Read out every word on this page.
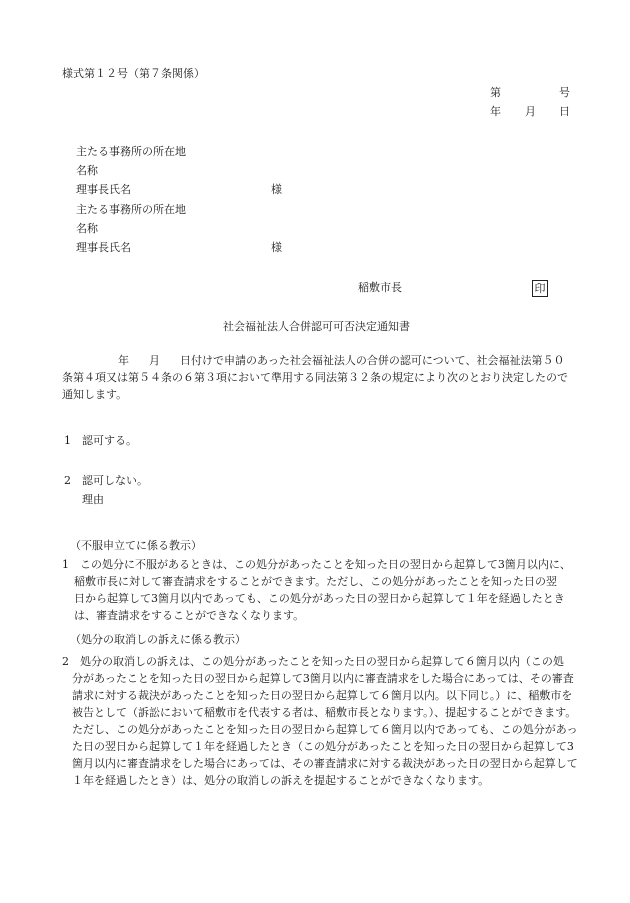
様式第１２号（第７条関係）
第	号
年 月 日
主たる事務所の所在地
名称
理事長氏名	様
主たる事務所の所在地
名称
理事長氏名	様
稲敷市長	印
社会福祉法人合併認可可否決定通知書
年 月 日付けで申請のあった社会福祉法人の合併の認可について、社会福祉法第５０
条第４項又は第５４条の６第３項において準用する同法第３２条の規定により次のとおり決定したので
通知します。
1　認可する。
2　認可しない。
理由
（不服申立てに係る教示）
1　この処分に不服があるときは、この処分があったことを知った日の翌日から起算して3箇月以内に、
稲敷市長に対して審査請求をすることができます。ただし、この処分があったことを知った日の翌
日から起算して3箇月以内であっても、この処分があった日の翌日から起算して１年を経過したとき
は、審査請求をすることができなくなります。
（処分の取消しの訴えに係る教示）
2　処分の取消しの訴えは、この処分があったことを知った日の翌日から起算して６箇月以内（この処
分があったことを知った日の翌日から起算して3箇月以内に審査請求をした場合にあっては、その審査
請求に対する裁決があったことを知った日の翌日から起算して６箇月以内。以下同じ。）に、稲敷市を
被告として（訴訟において稲敷市を代表する者は、稲敷市長となります。）、提起することができます。
ただし、この処分があったことを知った日の翌日から起算して６箇月以内であっても、この処分があっ
た日の翌日から起算して１年を経過したとき（この処分があったことを知った日の翌日から起算して3
箇月以内に審査請求をした場合にあっては、その審査請求に対する裁決があった日の翌日から起算して
１年を経過したとき）は、処分の取消しの訴えを提起することができなくなります。
